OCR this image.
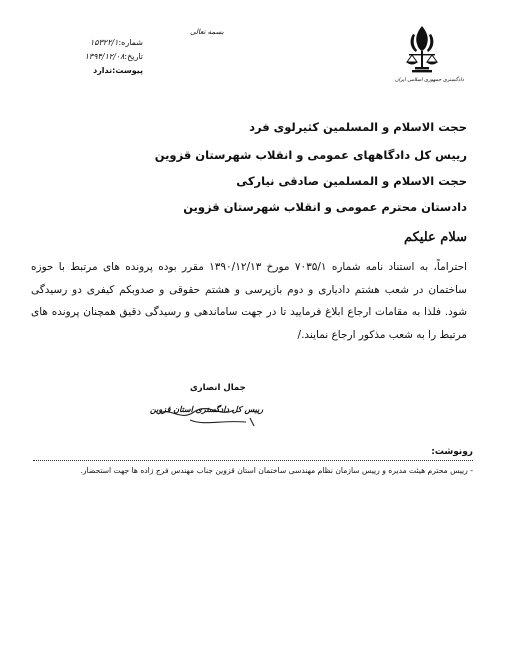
شماره:۱۵۳۲۲/۱
تاریخ:۱۳۹۴/۱۲/۰۸
پیوست:ندارد
بسمه تعالی
دادگستری جمهوری اسلامی ایران
حجت الاسلام و المسلمین کثیرلوی فرد
رییس کل دادگاههای عمومی و انقلاب شهرستان قزوین
حجت الاسلام و المسلمین صادقی نیارکی
دادستان محترم عمومی و انقلاب شهرستان قزوین
سلام علیکم
احتراماً، به استناد نامه شماره ۷۰۳۵/۱ مورخ ۱۳۹۰/۱۲/۱۳ مقرر بوده پرونده های مرتبط با حوزه ساختمان در شعب هشتم دادیاری و دوم بازپرسی و هشتم حقوقی و صدوبکم کیفری دو رسیدگی شود. فلذا به مقامات ارجاع ابلاغ فرمایید تا در جهت ساماندهی و رسیدگی دقیق همچنان پرونده های مرتبط را به شعب مذکور ارجاع نمایند./
جمال انصاری
رییس کل دادگستری استان قزوین
رونوشت:
- رییس محترم هیئت مدیره و رییس سازمان نظام مهندسی ساختمان استان قزوین جناب مهندس فرج زاده ها جهت استحضار.
